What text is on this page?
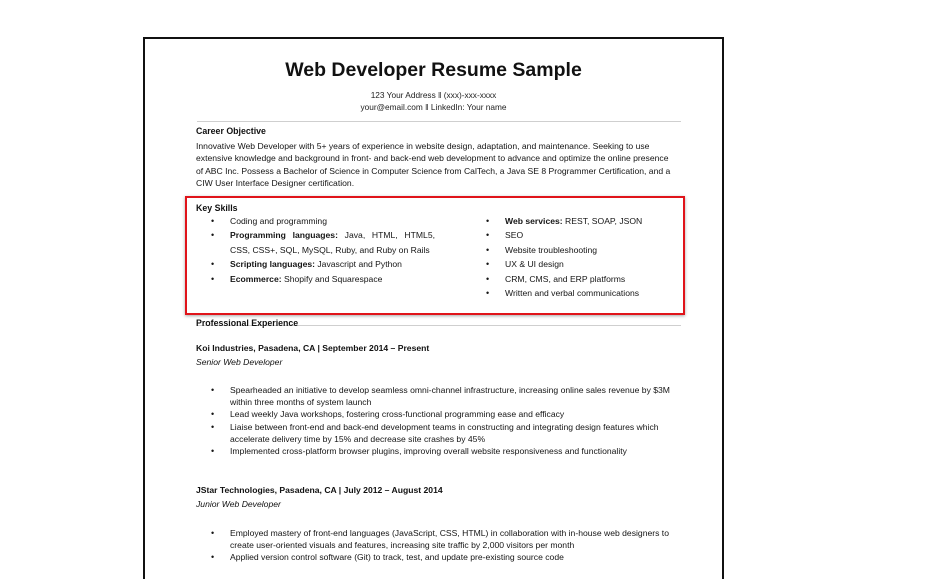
Web Developer Resume Sample
123 Your Address ǁ (xxx)-xxx-xxxx
your@email.com ǁ LinkedIn: Your name
Career Objective
Innovative Web Developer with 5+ years of experience in website design, adaptation, and maintenance. Seeking to use extensive knowledge and background in front- and back-end web development to advance and optimize the online presence of ABC Inc. Possess a Bachelor of Science in Computer Science from CalTech, a Java SE 8 Programmer Certification, and a CIW User Interface Designer certification.
Key Skills
• Coding and programming
• Programming languages: Java, HTML, HTML5, CSS, CSS+, SQL, MySQL, Ruby, and Ruby on Rails
• Scripting languages: Javascript and Python
• Ecommerce: Shopify and Squarespace
• Web services: REST, SOAP, JSON
• SEO
• Website troubleshooting
• UX & UI design
• CRM, CMS, and ERP platforms
• Written and verbal communications
Professional Experience
Koi Industries, Pasadena, CA | September 2014 – Present
Senior Web Developer
• Spearheaded an initiative to develop seamless omni-channel infrastructure, increasing online sales revenue by $3M within three months of system launch
• Lead weekly Java workshops, fostering cross-functional programming ease and efficacy
• Liaise between front-end and back-end development teams in constructing and integrating design features which accelerate delivery time by 15% and decrease site crashes by 45%
• Implemented cross-platform browser plugins, improving overall website responsiveness and functionality
JStar Technologies, Pasadena, CA | July 2012 – August 2014
Junior Web Developer
• Employed mastery of front-end languages (JavaScript, CSS, HTML) in collaboration with in-house web designers to create user-oriented visuals and features, increasing site traffic by 2,000 visitors per month
• Applied version control software (Git) to track, test, and update pre-existing source code
